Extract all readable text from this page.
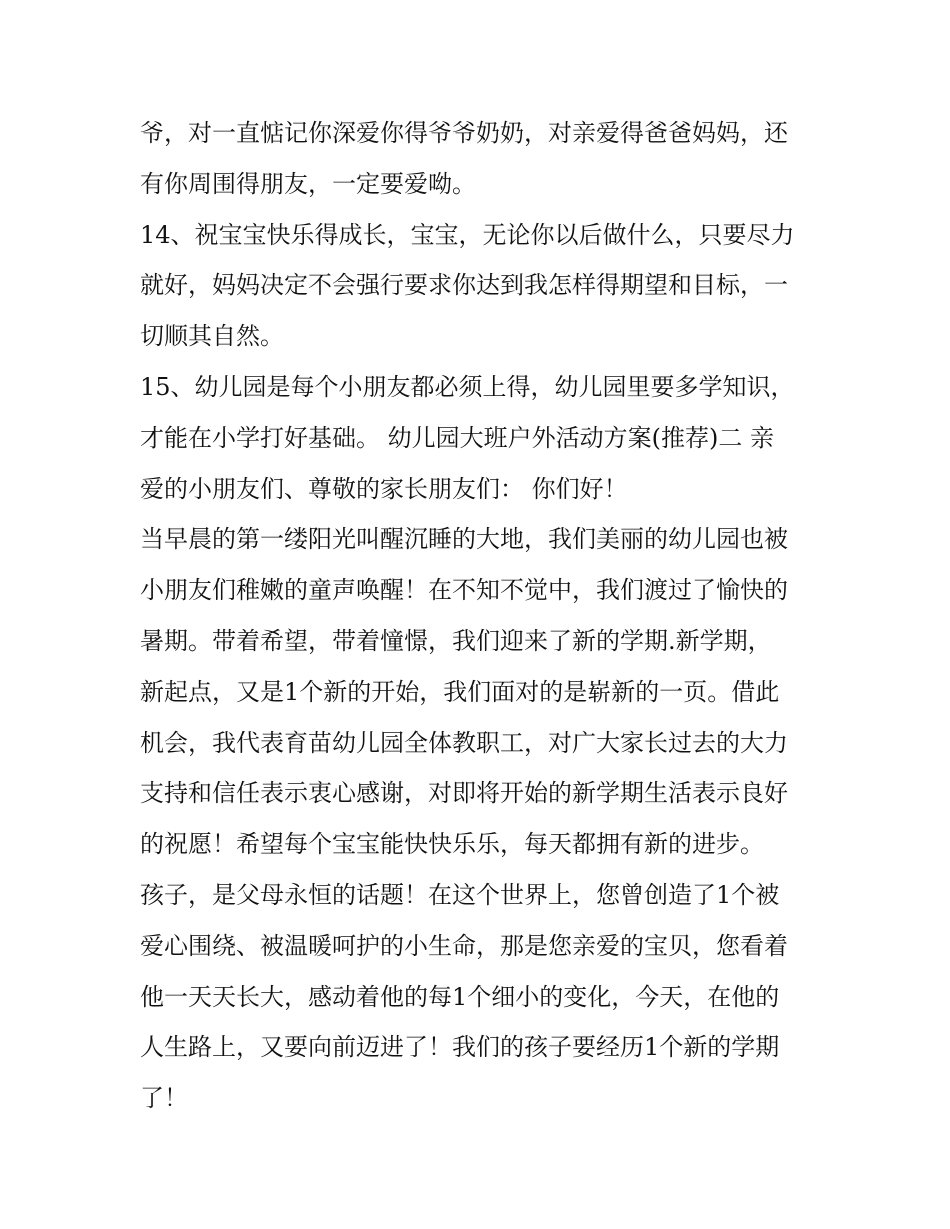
爷，对一直惦记你深爱你得爷爷奶奶，对亲爱得爸爸妈妈，还
有你周围得朋友，一定要爱呦。
14、祝宝宝快乐得成长，宝宝，无论你以后做什么，只要尽力
就好，妈妈决定不会强行要求你达到我怎样得期望和目标，一
切顺其自然。
15、幼儿园是每个小朋友都必须上得，幼儿园里要多学知识，
才能在小学打好基础。 幼儿园大班户外活动方案(推荐)二 亲
爱的小朋友们、尊敬的家长朋友们： 你们好！
当早晨的第一缕阳光叫醒沉睡的大地，我们美丽的幼儿园也被
小朋友们稚嫩的童声唤醒！在不知不觉中，我们渡过了愉快的
暑期。带着希望，带着憧憬，我们迎来了新的学期.新学期，
新起点，又是1个新的开始，我们面对的是崭新的一页。借此
机会，我代表育苗幼儿园全体教职工，对广大家长过去的大力
支持和信任表示衷心感谢，对即将开始的新学期生活表示良好
的祝愿！希望每个宝宝能快快乐乐，每天都拥有新的进步。
孩子，是父母永恒的话题！在这个世界上，您曾创造了1个被
爱心围绕、被温暖呵护的小生命，那是您亲爱的宝贝，您看着
他一天天长大，感动着他的每1个细小的变化，今天，在他的
人生路上，又要向前迈进了！我们的孩子要经历1个新的学期
了！
